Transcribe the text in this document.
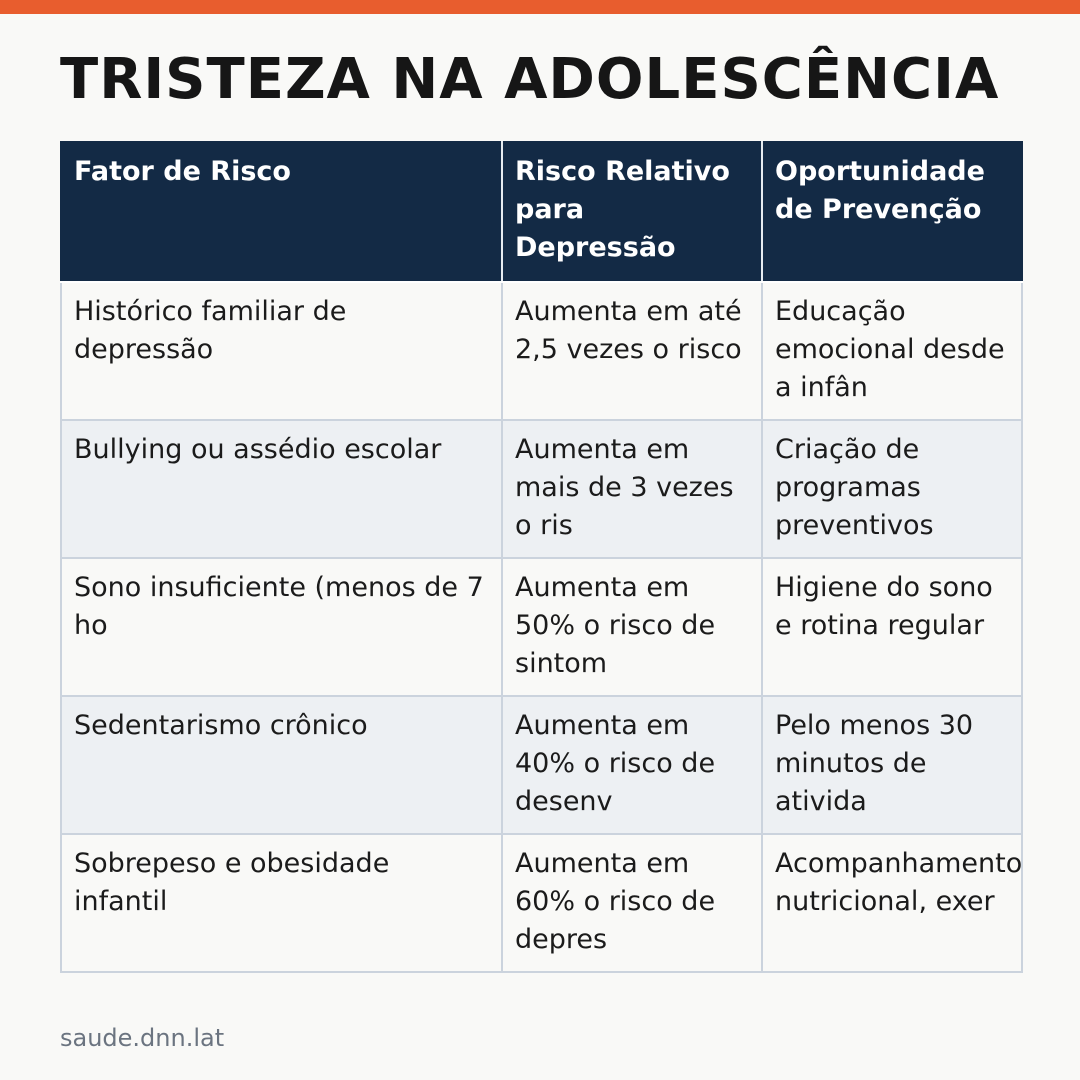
TRISTEZA NA ADOLESCÊNCIA
Fator de Risco	Risco Relativo para Depressão	Oportunidade de Prevenção
Histórico familiar de depressão	Aumenta em até 2,5 vezes o risco	Educação emocional desde a infân
Bullying ou assédio escolar	Aumenta em mais de 3 vezes o ris	Criação de programas preventivos
Sono insuficiente (menos de 7 ho	Aumenta em 50% o risco de sintom	Higiene do sono e rotina regular
Sedentarismo crônico	Aumenta em 40% o risco de desenv	Pelo menos 30 minutos de ativida
Sobrepeso e obesidade infantil	Aumenta em 60% o risco de depres	Acompanhamento nutricional, exer
saude.dnn.lat
